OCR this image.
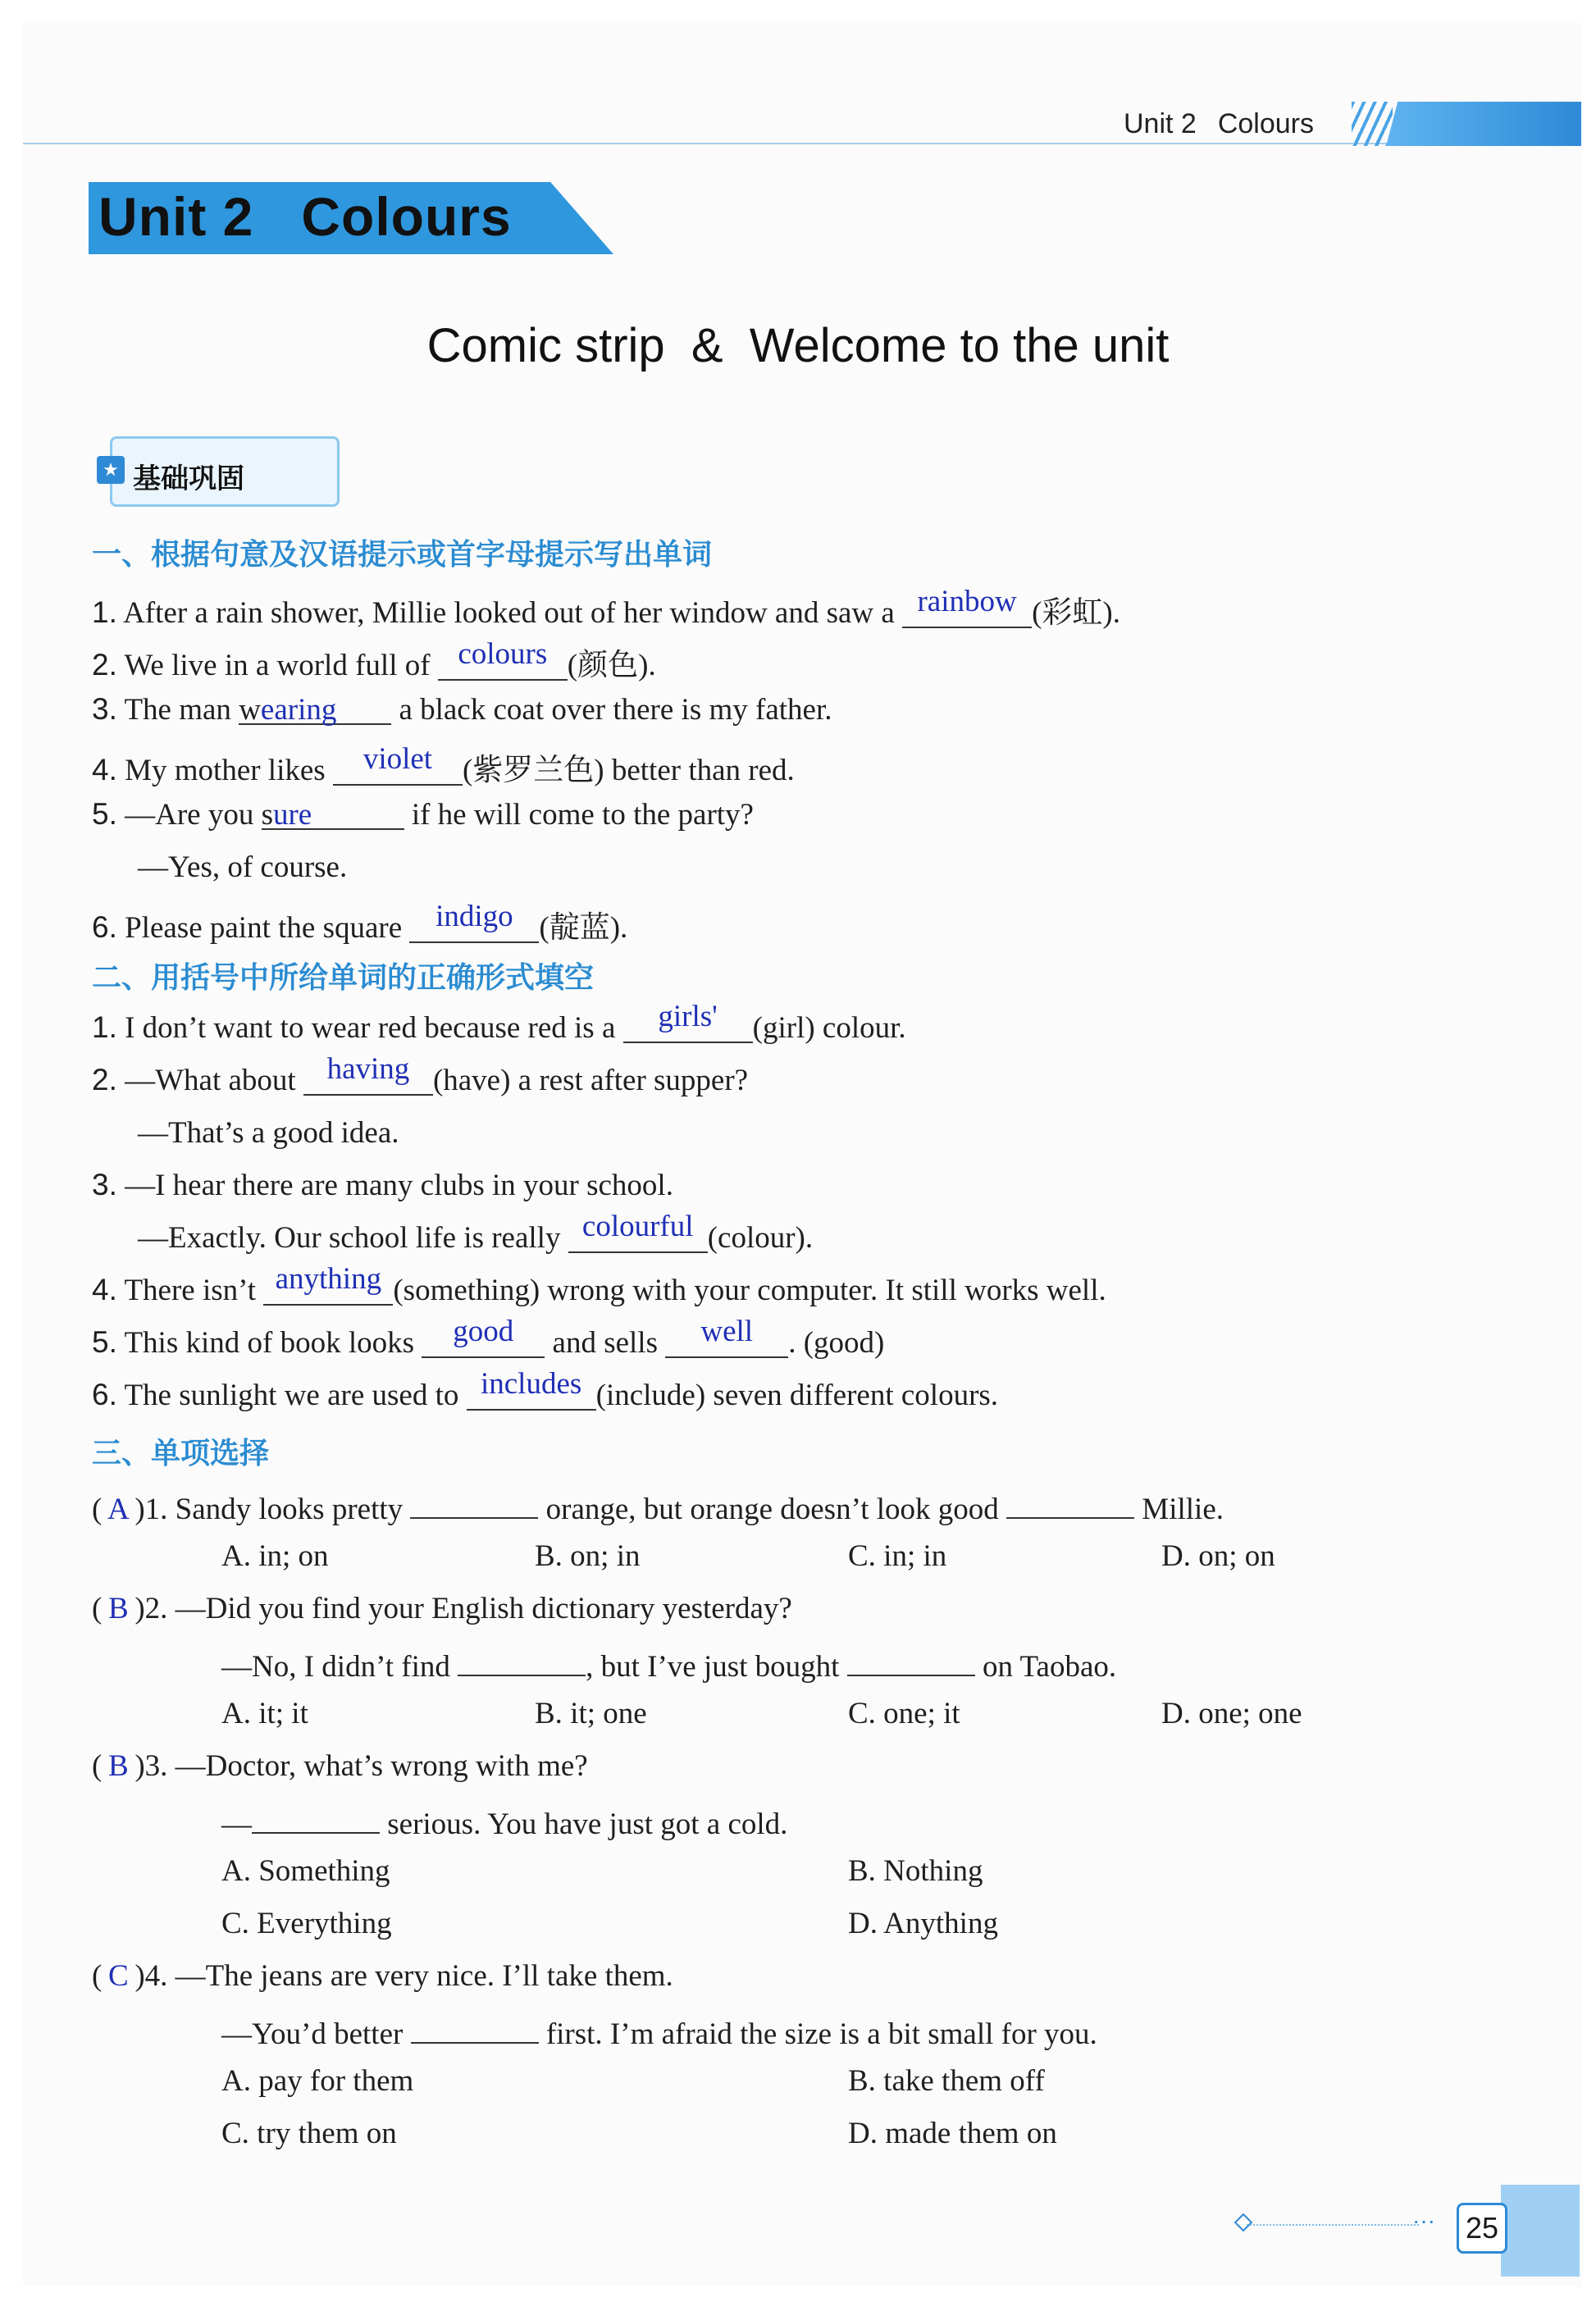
Unit 2 Colours
Unit 2   Colours
Comic strip  &  Welcome to the unit
★ 基础巩固
一、根据句意及汉语提示或首字母提示写出单词
1. After a rain shower, Millie looked out of her window and saw a rainbow (彩虹).
2. We live in a world full of colours (颜色).
3. The man wearing a black coat over there is my father.
4. My mother likes violet (紫罗兰色) better than red.
5. —Are you sure	if he will come to the party?
—Yes, of course.
6. Please paint the square indigo (靛蓝).
二、用括号中所给单词的正确形式填空
1. I don’t want to wear red because red is a girls' (girl) colour.
2. —What about having (have) a rest after supper?
—That’s a good idea.
3. —I hear there are many clubs in your school.
—Exactly. Our school life is really colourful (colour).
4. There isn’t anything (something) wrong with your computer. It still works well.
5. This kind of book looks good and sells well . (good)
6. The sunlight we are used to includes (include) seven different colours.
三、单项选择
( A )1. Sandy looks pretty	orange, but orange doesn’t look good	Millie.
A. in; on	B. on; in	C. in; in	D. on; on
( B )2. —Did you find your English dictionary yesterday?
—No, I didn’t find	, but I’ve just bought	on Taobao.
A. it; it	B. it; one	C. one; it	D. one; one
( B )3. —Doctor, what’s wrong with me?
—	serious. You have just got a cold.
A. Something	B. Nothing
C. Everything	D. Anything
( C )4. —The jeans are very nice. I’ll take them.
—You’d better	first. I’m afraid the size is a bit small for you.
A. pay for them	B. take them off
C. try them on	D. made them on
···	25
